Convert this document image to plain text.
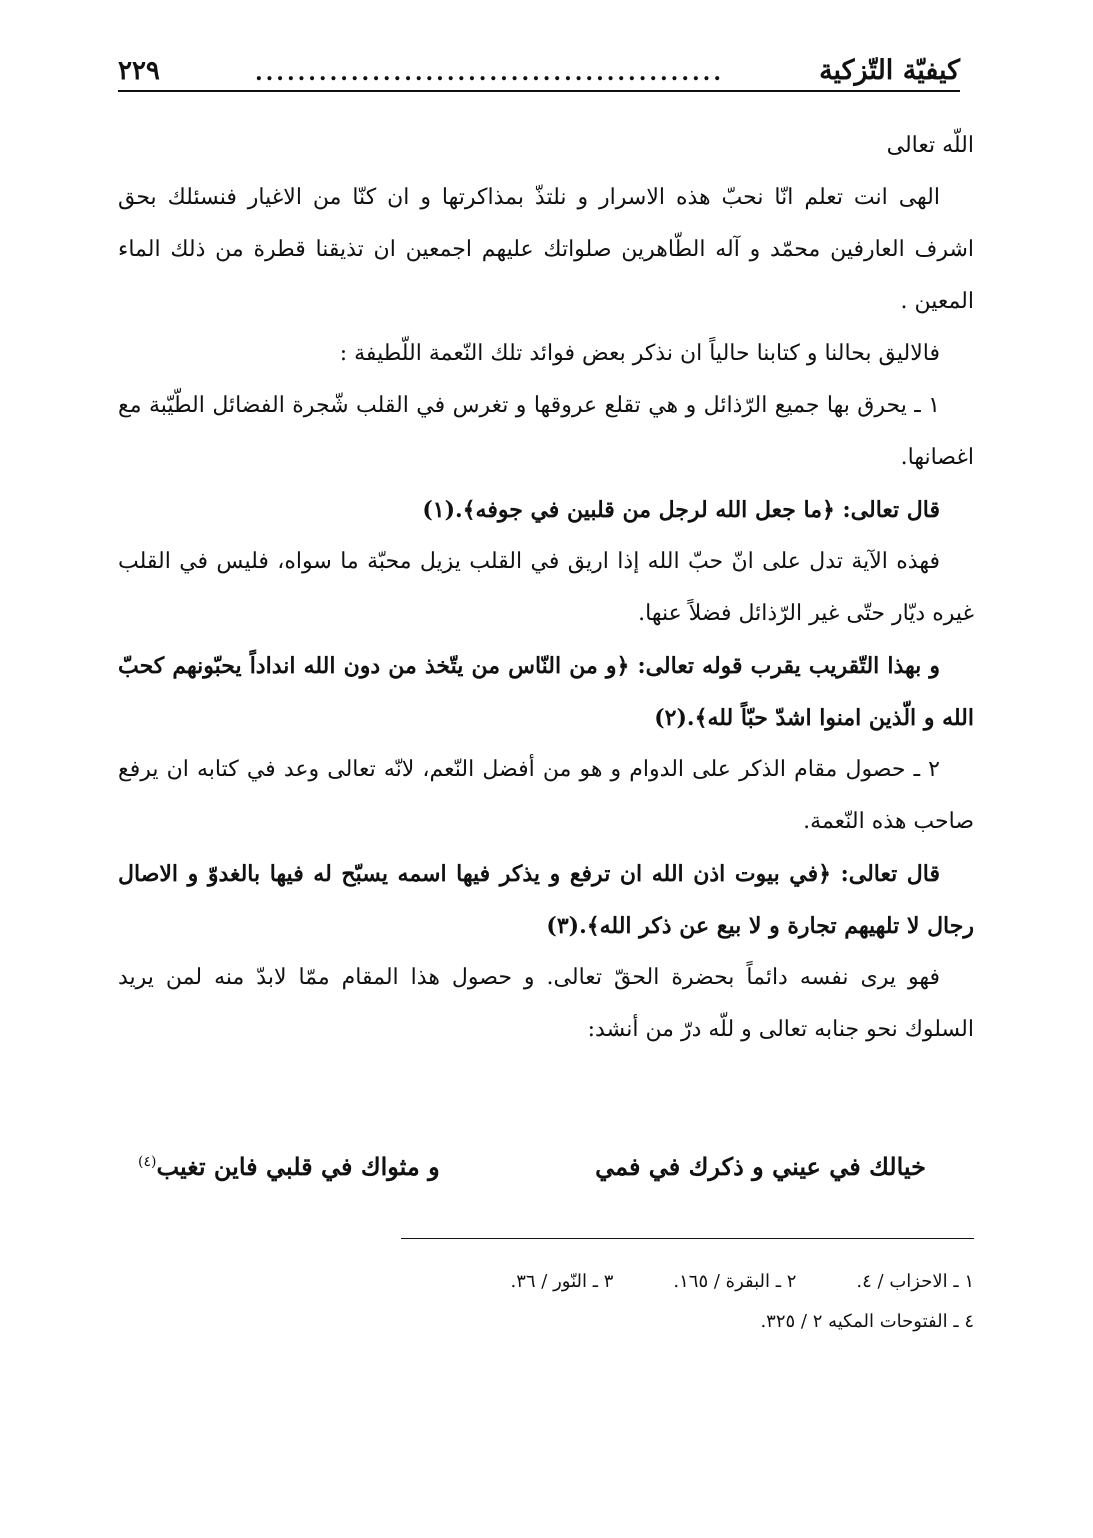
كيفيّة التّزكية
............................................
٢٢٩

اللّه تعالى

الهى انت تعلم انّا نحبّ هذه الاسرار و نلتذّ بمذاكرتها و ان كنّا من الاغيار فنسئلك بحق اشرف العارفين محمّد و آله الطّاهرين صلواتك عليهم اجمعين ان تذيقنا قطرة من ذلك الماء المعين .

فالاليق بحالنا و كتابنا حالياً ان نذكر بعض فوائد تلك النّعمة اللّطيفة :

١ ـ يحرق بها جميع الرّذائل و هي تقلع عروقها و تغرس في القلب شّجرة الفضائل الطّيّبة مع اغصانها.

قال تعالى: ﴿ما جعل الله لرجل من قلبين في جوفه﴾.(١)

فهذه الآية تدل على انّ حبّ الله إذا اريق في القلب يزيل محبّة ما سواه، فليس في القلب غيره ديّار حتّى غير الرّذائل فضلاً عنها.

و بهذا التّقريب يقرب قوله تعالى: ﴿و من النّاس من يتّخذ من دون الله انداداً يحبّونهم كحبّ الله و الّذين امنوا اشدّ حبّاً لله﴾.(٢)

٢ ـ حصول مقام الذكر على الدوام و هو من أفضل النّعم، لانّه تعالى وعد في كتابه ان يرفع صاحب هذه النّعمة.

قال تعالى: ﴿في بيوت اذن الله ان ترفع و يذكر فيها اسمه يسبّح له فيها بالغدوّ و الاصال رجال لا تلهيهم تجارة و لا بيع عن ذكر الله﴾.(٣)

فهو يرى نفسه دائماً بحضرة الحقّ تعالى. و حصول هذا المقام ممّا لابدّ منه لمن يريد السلوك نحو جنابه تعالى و للّه درّ من أنشد:

خيالك في عيني و ذكرك في فمي
و مثواك في قلبي فاين تغيب$^{(٤)}$
١ ـ الاحزاب / ٤.
٢ ـ البقرة / ١٦٥.
٣ ـ النّور / ٣٦.
٤ ـ الفتوحات المكيه ٢ / ٣٢٥.
